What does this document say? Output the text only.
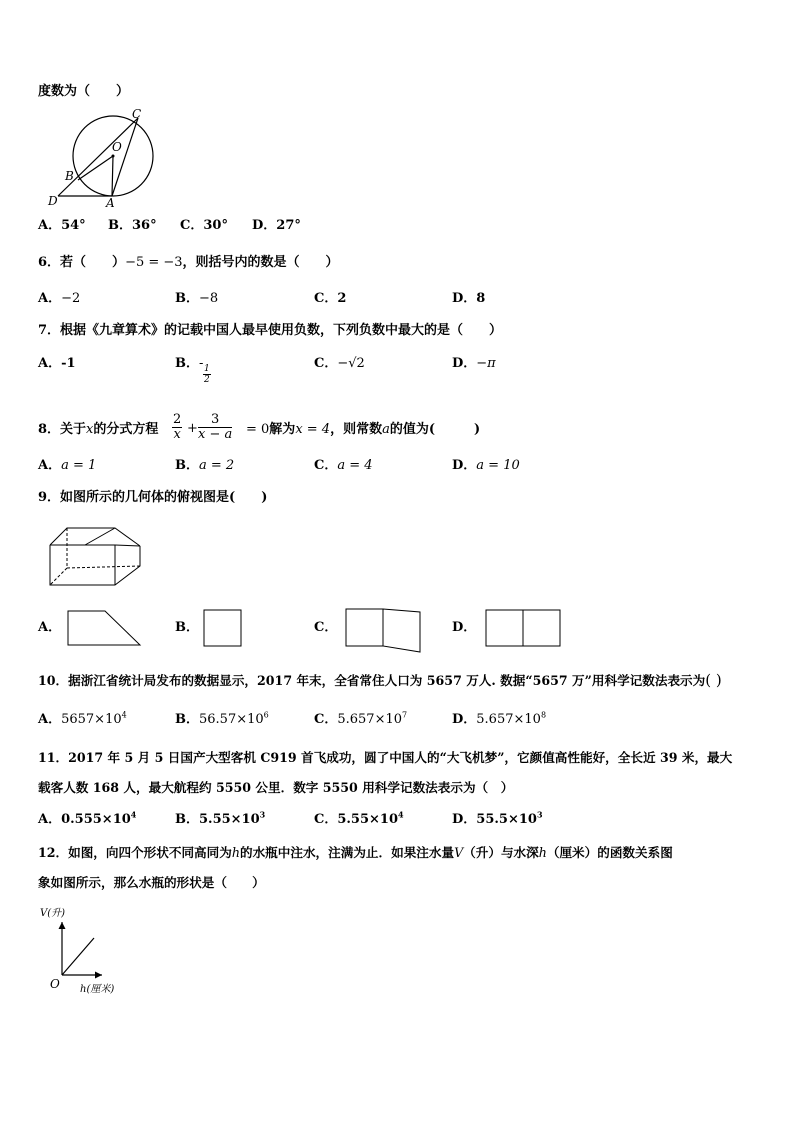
度数为（　　）
C
O
B
D	A
A．54° B．36° C．30° D．27°
6．若（　　）−5 = −3，则括号内的数是（　　）
A．−2	B．−8	C．2	D．8
7．根据《九章算术》的记载中国人最早使用负数，下列负数中最大的是（　　）
A．-1	B．-
$\frac{1}{2}$
C．−√2	D．−π
8．关于x的分式方程 $\frac{2}{x} + \frac{3}{x - a} = 0$解为x = 4，则常数a的值为(　　　)
A．a = 1	B．a = 2	C．a = 4	D．a = 10
9．如图所示的几何体的俯视图是(　　)
A．	B．	C．	D．
10．据浙江省统计局发布的数据显示，2017 年末，全省常住人口为 5657 万人. 数据“5657 万”用科学记数法表示为( )
A．$5657\times 10^4$	B．$56.57\times 10^6$	C．$5.657\times 10^7$	D．$5.657\times 10^8$
11．2017 年 5 月 5 日国产大型客机 C919 首飞成功，圆了中国人的“大飞机梦”，它颜值高性能好，全长近 39 米，最大
载客人数 168 人，最大航程约 5550 公里．数字 5550 用科学记数法表示为（　）
A．$0.555\times 10^4$	B．$5.55\times 10^3$	C．$5.55\times 10^4$	D．$55.5\times 10^3$
12．如图，向四个形状不同高同为h的水瓶中注水，注满为止．如果注水量V（升）与水深h（厘米）的函数关系图
象如图所示，那么水瓶的形状是（　　）
V(升)
h(厘米)
O
